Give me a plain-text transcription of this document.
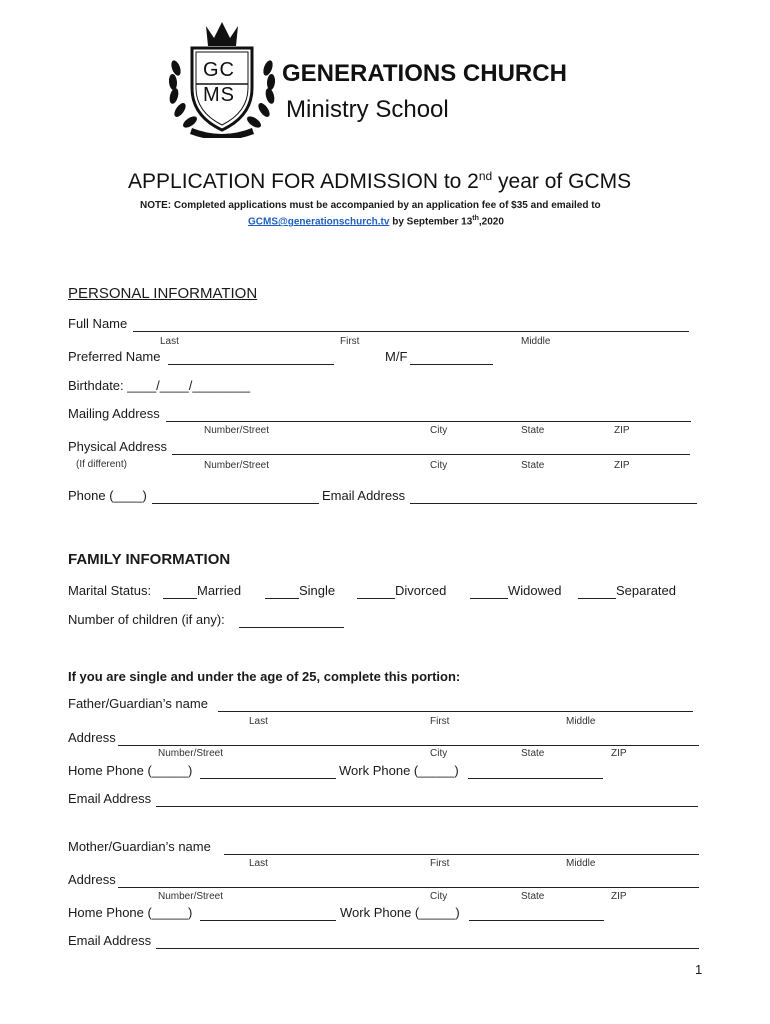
GC
MS
GENERATIONS CHURCH
Ministry School
APPLICATION FOR ADMISSION to 2nd year of GCMS
NOTE: Completed applications must be accompanied by an application fee of $35 and emailed to
GCMS@generationschurch.tv by September 13th,2020
PERSONAL INFORMATION
Full Name
Last	First	Middle
Preferred Name	M/F
Birthdate: ____/____/________
Mailing Address
Number/Street	City	State	ZIP
Physical Address
(If different)	Number/Street	City	State	ZIP
Phone (____)	Email Address
FAMILY INFORMATION
Marital Status:	Married	Single	Divorced	Widowed	Separated
Number of children (if any):
If you are single and under the age of 25, complete this portion:
Father/Guardian’s name
Last	First	Middle
Address
Number/Street	City	State	ZIP
Home Phone (_____)	Work Phone (_____)
Email Address
Mother/Guardian’s name
Last	First	Middle
Address
Number/Street	City	State	ZIP
Home Phone (_____)	Work Phone (_____)
Email Address
1
